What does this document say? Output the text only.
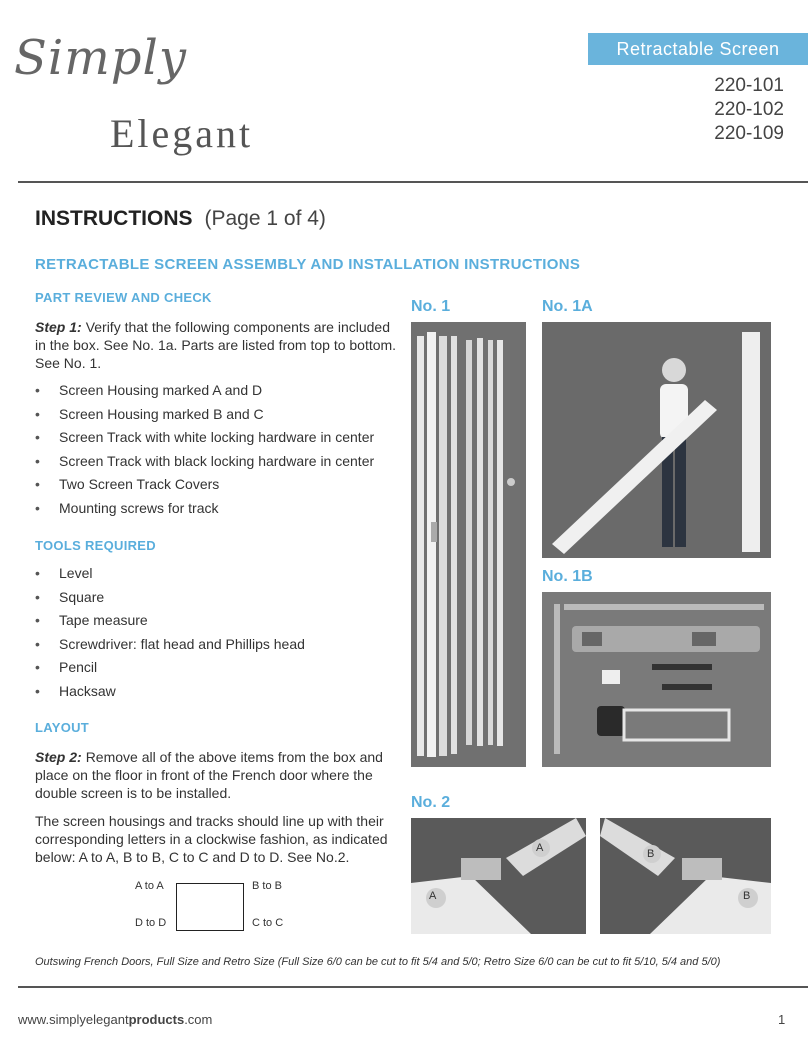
Simply
Elegant
Retractable Screen
220-101
220-102
220-109
INSTRUCTIONS (Page 1 of 4)
RETRACTABLE SCREEN ASSEMBLY AND INSTALLATION INSTRUCTIONS
PART REVIEW AND CHECK
Step 1: Verify that the following components are included in the box. See No. 1a. Parts are listed from top to bottom. See No. 1.
• Screen Housing marked A and D
• Screen Housing marked B and C
• Screen Track with white locking hardware in center
• Screen Track with black locking hardware in center
• Two Screen Track Covers
• Mounting screws for track
TOOLS REQUIRED
• Level
• Square
• Tape measure
• Screwdriver: flat head and Phillips head
• Pencil
• Hacksaw
LAYOUT
Step 2: Remove all of the above items from the box and place on the floor in front of the French door where the double screen is to be installed.
The screen housings and tracks should line up with their corresponding letters in a clockwise fashion, as indicated below: A to A, B to B, C to C and D to D. See No.2.
A to A	B to B
D to D	C to C
No. 1	No. 1A
No. 1B
No. 2
A
A	B
B
Outswing French Doors, Full Size and Retro Size (Full Size 6/0 can be cut to fit 5/4 and 5/0; Retro Size 6/0 can be cut to fit 5/10, 5/4 and 5/0)
www.simplyelegantproducts.com	1
